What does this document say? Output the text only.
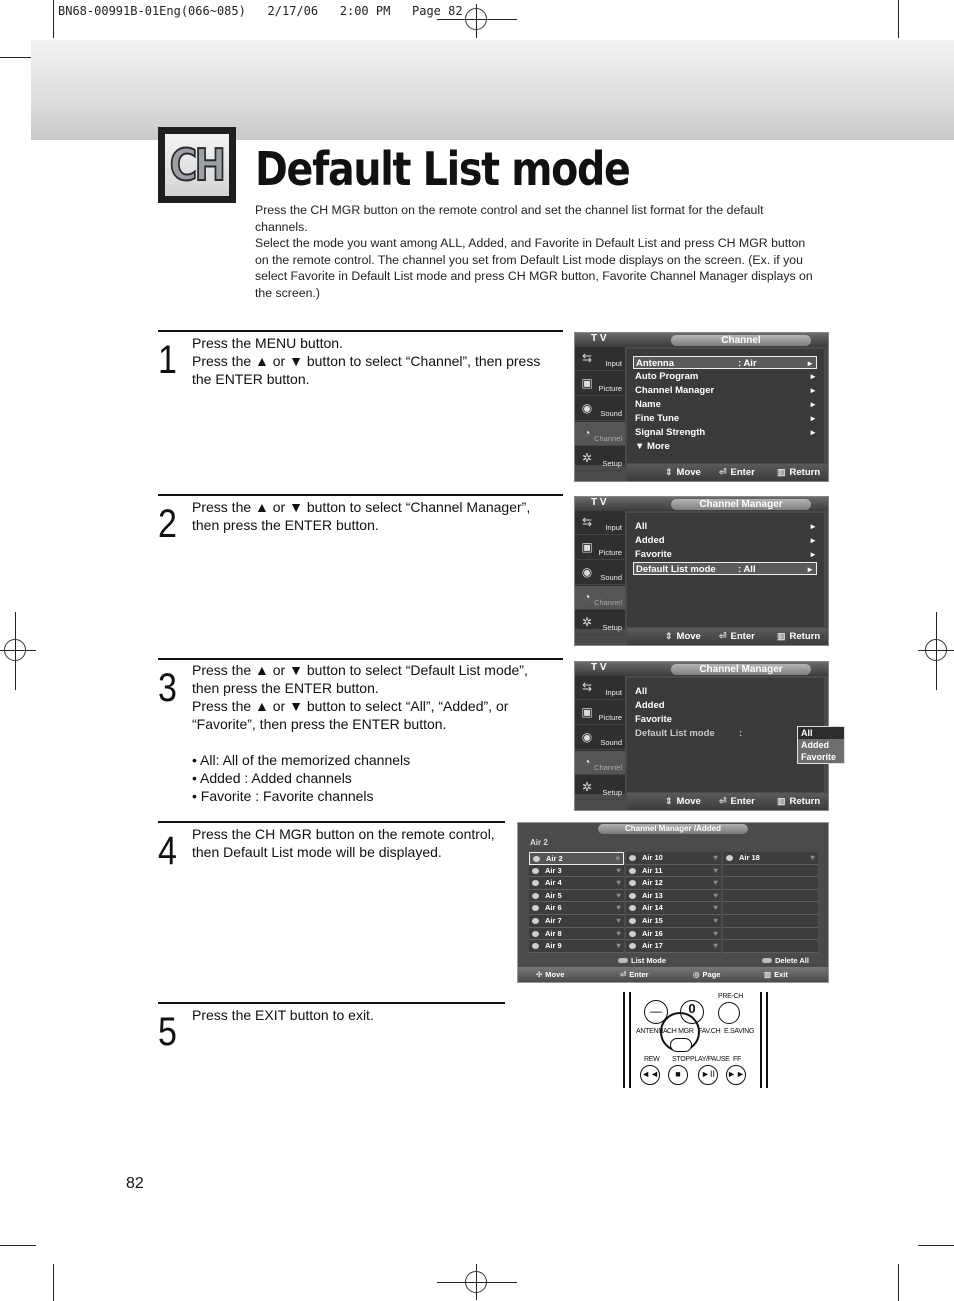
BN68-00991B-01Eng(066~085)   2/17/06   2:00 PM   Page 82
CH Default List mode

Press the CH MGR button on the remote control and set the channel list format for the default channels.

Select the mode you want among ALL, Added, and Favorite in Default List and press CH MGR button on the remote control. The channel you set from Default List mode displays on the screen. (Ex. if you select Favorite in Default List mode and press CH MGR button, Favorite Channel Manager displays on the screen.)

1 Press the MENU button.

Press the ▲ or ▼ button to select “Channel”, then press

the ENTER button.

2 Press the ▲ or ▼ button to select “Channel Manager”,

then press the ENTER button.

3 Press the ▲ or ▼ button to select “Default List mode”,

then press the ENTER button.

Press the ▲ or ▼ button to select “All”, “Added”, or

“Favorite”, then press the ENTER button.

• All: All of the memorized channels

• Added : Added channels

• Favorite : Favorite channels

4 Press the CH MGR button on the remote control,

then Default List mode will be displayed.

5 Press the EXIT button to exit.

T V	Channel
⇆	Input
▣ Picture
◉	Sound
◔ Channel
✲	Setup
Antenna	: Air	►
Auto Program	►
Channel Manager	►
Name	►
Fine Tune	►
Signal Strength	►
▼ More
⇕ Move ⏎ Enter ▥ Return
T V	Channel Manager
⇆	Input
▣ Picture
◉	Sound
◔ Channel
✲	Setup
All	►
Added	►
Favorite	►
Default List mode : All	►
⇕ Move ⏎ Enter ▥ Return
T V	Channel Manager
⇆	Input
▣ Picture
◉	Sound
◔ Channel
✲	Setup
All
Added
Favorite
Default List mode	:	All
Added
Favorite
⇕ Move ⏎ Enter ▥ Return
Channel Manager /Added
Air 2
Air 2	♥
Air 3	♥
Air 4	♥
Air 5	♥
Air 6	♥
Air 7	♥
Air 8	♥
Air 9	♥
Air 10	♥
Air 11	♥
Air 12	♥
Air 13	♥
Air 14	♥
Air 15	♥
Air 16	♥
Air 17	♥
Air 18	♥
List Mode	Delete All
✣ Move	⏎ Enter	◎ Page	▥ Exit
—	0
PRE-CH
ANTENNA CH MGR FAV.CH E.SAVING
REW STOP PLAY/PAUSE FF
◄◄	■	►II	►►
82
